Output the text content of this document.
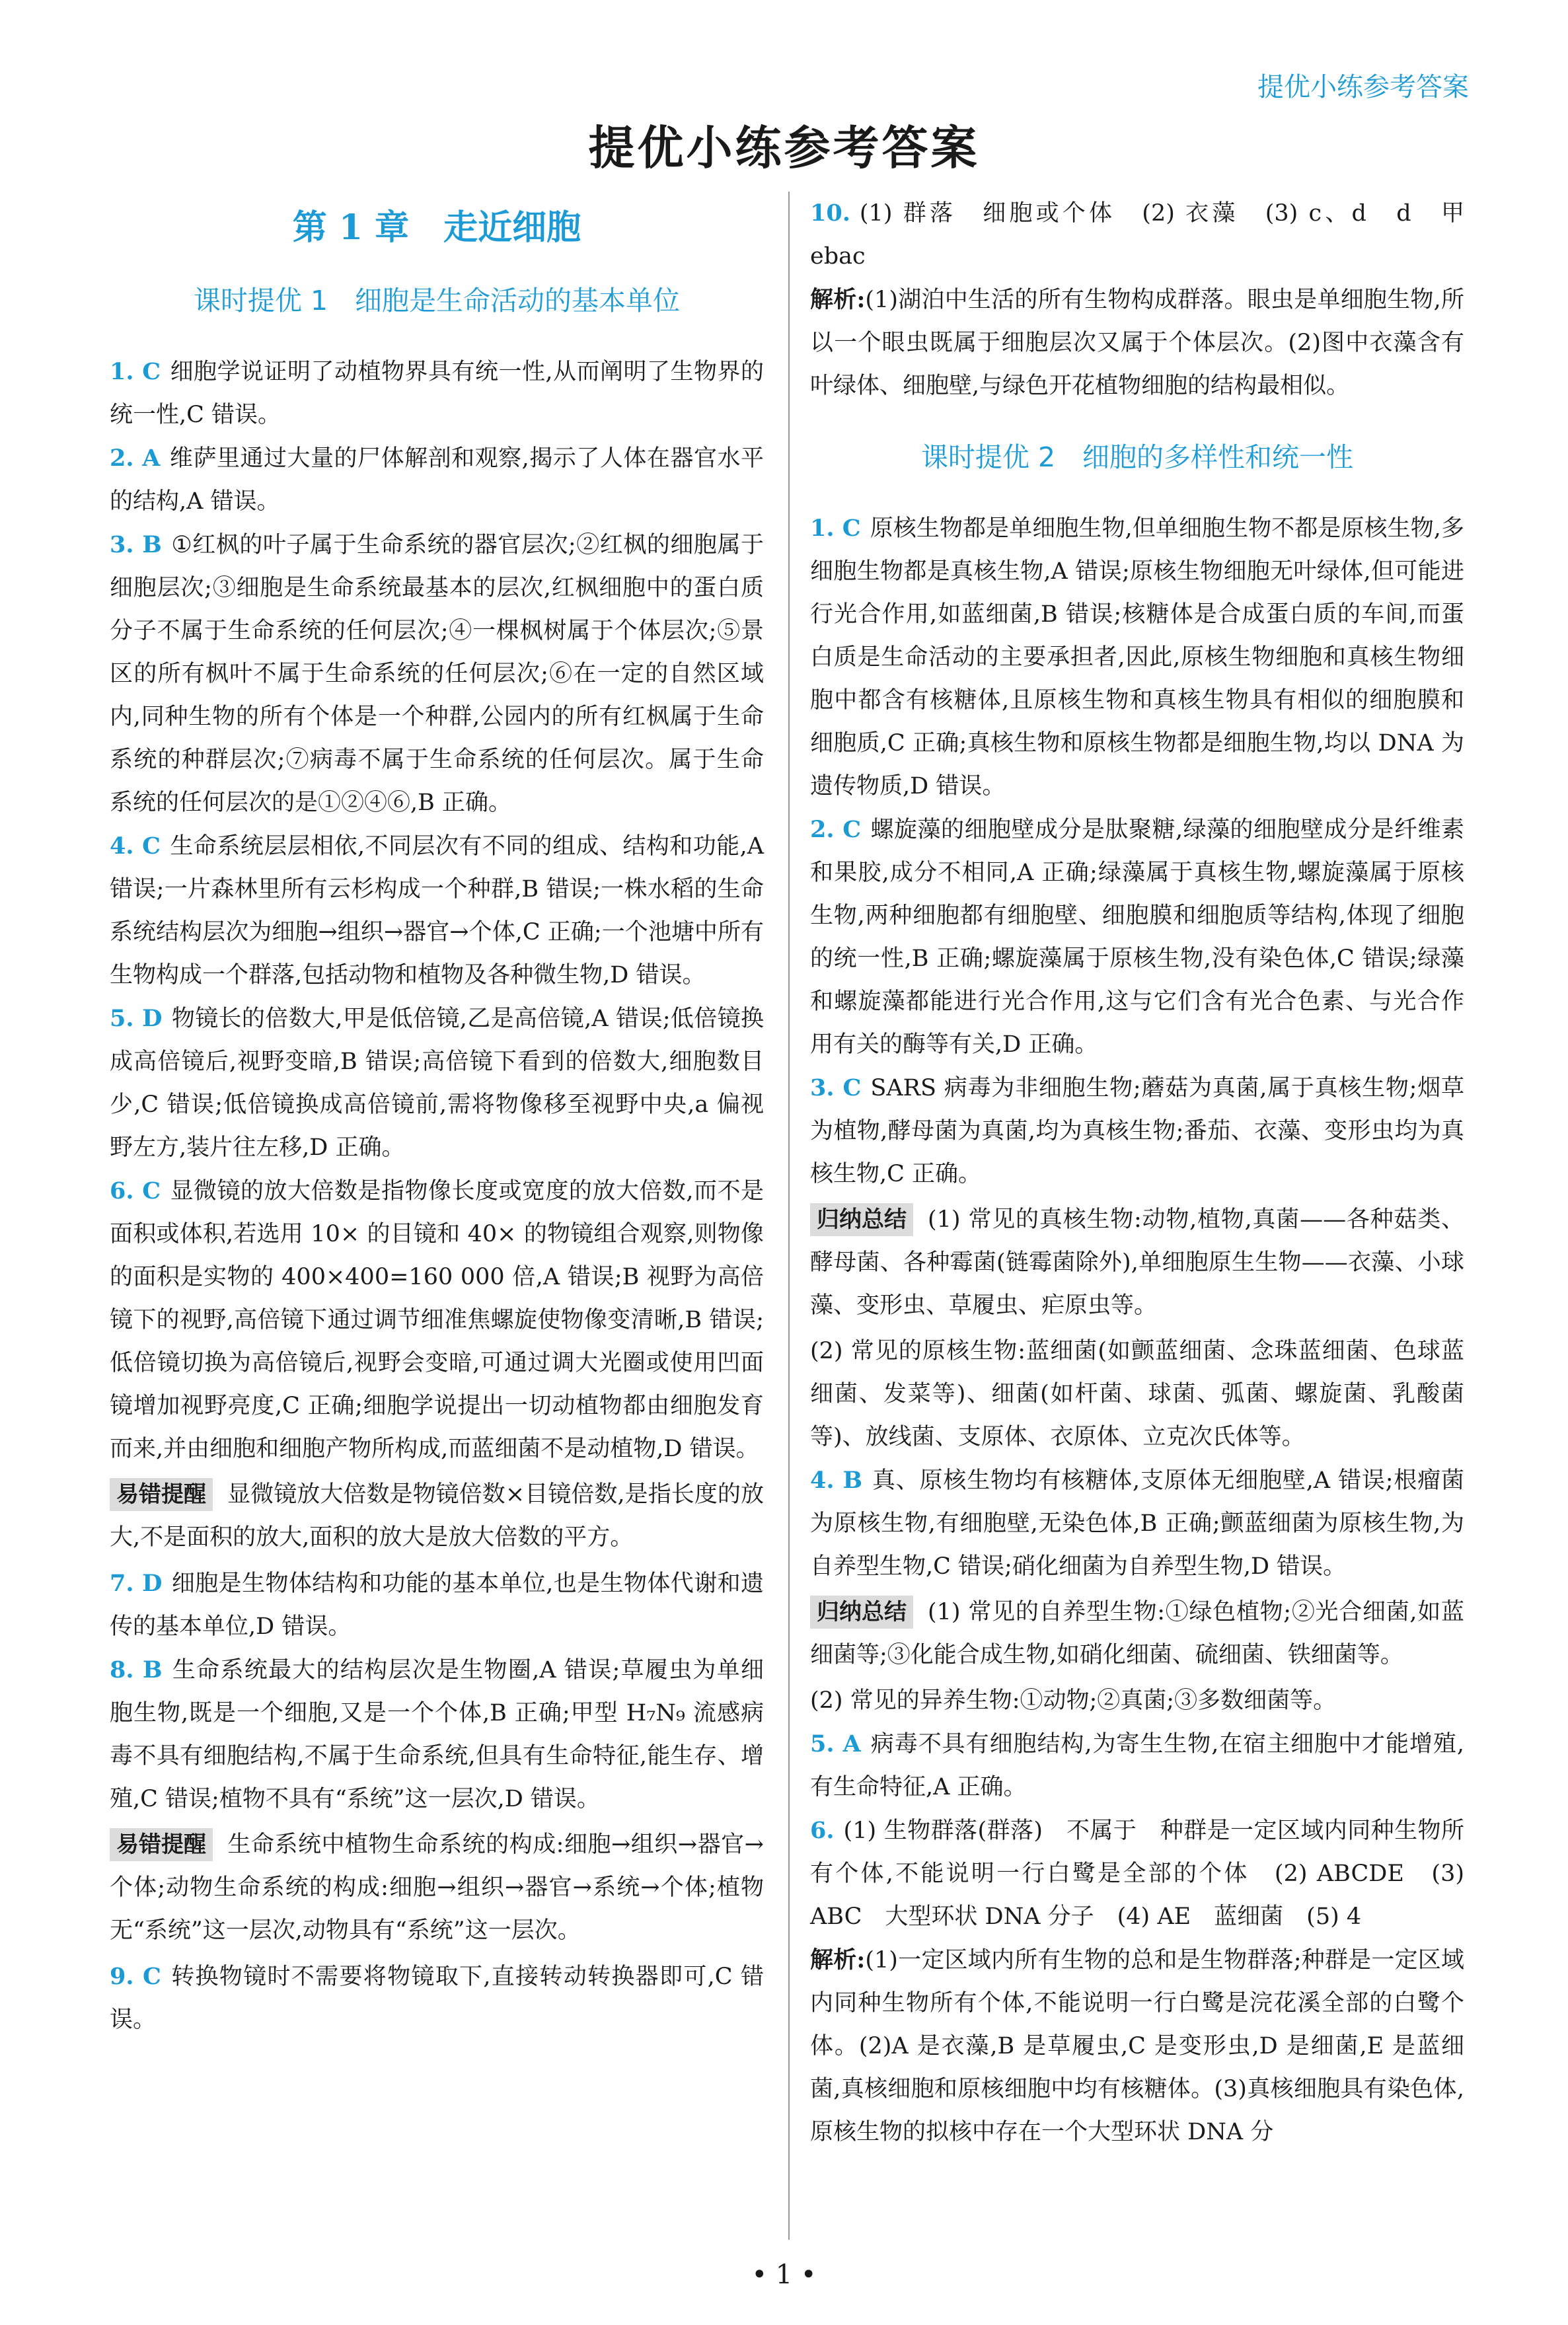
提优小练参考答案
提优小练参考答案
第 1 章　走近细胞
课时提优 1　细胞是生命活动的基本单位

1. C 细胞学说证明了动植物界具有统一性,从而阐明了生物界的统一性,C 错误。

2. A 维萨里通过大量的尸体解剖和观察,揭示了人体在器官水平的结构,A 错误。

3. B ①红枫的叶子属于生命系统的器官层次;②红枫的细胞属于细胞层次;③细胞是生命系统最基本的层次,红枫细胞中的蛋白质分子不属于生命系统的任何层次;④一棵枫树属于个体层次;⑤景区的所有枫叶不属于生命系统的任何层次;⑥在一定的自然区域内,同种生物的所有个体是一个种群,公园内的所有红枫属于生命系统的种群层次;⑦病毒不属于生命系统的任何层次。属于生命系统的任何层次的是①②④⑥,B 正确。

4. C 生命系统层层相依,不同层次有不同的组成、结构和功能,A 错误;一片森林里所有云杉构成一个种群,B 错误;一株水稻的生命系统结构层次为细胞→组织→器官→个体,C 正确;一个池塘中所有生物构成一个群落,包括动物和植物及各种微生物,D 错误。

5. D 物镜长的倍数大,甲是低倍镜,乙是高倍镜,A 错误;低倍镜换成高倍镜后,视野变暗,B 错误;高倍镜下看到的倍数大,细胞数目少,C 错误;低倍镜换成高倍镜前,需将物像移至视野中央,a 偏视野左方,装片往左移,D 正确。

6. C 显微镜的放大倍数是指物像长度或宽度的放大倍数,而不是面积或体积,若选用 10× 的目镜和 40× 的物镜组合观察,则物像的面积是实物的 400×400=160 000 倍,A 错误;B 视野为高倍镜下的视野,高倍镜下通过调节细准焦螺旋使物像变清晰,B 错误;低倍镜切换为高倍镜后,视野会变暗,可通过调大光圈或使用凹面镜增加视野亮度,C 正确;细胞学说提出一切动植物都由细胞发育而来,并由细胞和细胞产物所构成,而蓝细菌不是动植物,D 错误。

易错提醒 显微镜放大倍数是物镜倍数×目镜倍数,是指长度的放大,不是面积的放大,面积的放大是放大倍数的平方。

7. D 细胞是生物体结构和功能的基本单位,也是生物体代谢和遗传的基本单位,D 错误。

8. B 生命系统最大的结构层次是生物圈,A 错误;草履虫为单细胞生物,既是一个细胞,又是一个个体,B 正确;甲型 H₇N₉ 流感病毒不具有细胞结构,不属于生命系统,但具有生命特征,能生存、增殖,C 错误;植物不具有“系统”这一层次,D 错误。

易错提醒 生命系统中植物生命系统的构成:细胞→组织→器官→个体;动物生命系统的构成:细胞→组织→器官→系统→个体;植物无“系统”这一层次,动物具有“系统”这一层次。

9. C 转换物镜时不需要将物镜取下,直接转动转换器即可,C 错误。

10. (1) 群落　细胞或个体　(2) 衣藻　(3) c、d　d　甲　ebac

解析:(1)湖泊中生活的所有生物构成群落。眼虫是单细胞生物,所以一个眼虫既属于细胞层次又属于个体层次。(2)图中衣藻含有叶绿体、细胞壁,与绿色开花植物细胞的结构最相似。

课时提优 2　细胞的多样性和统一性

1. C 原核生物都是单细胞生物,但单细胞生物不都是原核生物,多细胞生物都是真核生物,A 错误;原核生物细胞无叶绿体,但可能进行光合作用,如蓝细菌,B 错误;核糖体是合成蛋白质的车间,而蛋白质是生命活动的主要承担者,因此,原核生物细胞和真核生物细胞中都含有核糖体,且原核生物和真核生物具有相似的细胞膜和细胞质,C 正确;真核生物和原核生物都是细胞生物,均以 DNA 为遗传物质,D 错误。

2. C 螺旋藻的细胞壁成分是肽聚糖,绿藻的细胞壁成分是纤维素和果胶,成分不相同,A 正确;绿藻属于真核生物,螺旋藻属于原核生物,两种细胞都有细胞壁、细胞膜和细胞质等结构,体现了细胞的统一性,B 正确;螺旋藻属于原核生物,没有染色体,C 错误;绿藻和螺旋藻都能进行光合作用,这与它们含有光合色素、与光合作用有关的酶等有关,D 正确。

3. C SARS 病毒为非细胞生物;蘑菇为真菌,属于真核生物;烟草为植物,酵母菌为真菌,均为真核生物;番茄、衣藻、变形虫均为真核生物,C 正确。

归纳总结 (1) 常见的真核生物:动物,植物,真菌——各种菇类、酵母菌、各种霉菌(链霉菌除外),单细胞原生生物——衣藻、小球藻、变形虫、草履虫、疟原虫等。

(2) 常见的原核生物:蓝细菌(如颤蓝细菌、念珠蓝细菌、色球蓝细菌、发菜等)、细菌(如杆菌、球菌、弧菌、螺旋菌、乳酸菌等)、放线菌、支原体、衣原体、立克次氏体等。

4. B 真、原核生物均有核糖体,支原体无细胞壁,A 错误;根瘤菌为原核生物,有细胞壁,无染色体,B 正确;颤蓝细菌为原核生物,为自养型生物,C 错误;硝化细菌为自养型生物,D 错误。

归纳总结 (1) 常见的自养型生物:①绿色植物;②光合细菌,如蓝细菌等;③化能合成生物,如硝化细菌、硫细菌、铁细菌等。

(2) 常见的异养生物:①动物;②真菌;③多数细菌等。

5. A 病毒不具有细胞结构,为寄生生物,在宿主细胞中才能增殖,有生命特征,A 正确。

6. (1) 生物群落(群落)　不属于　种群是一定区域内同种生物所有个体,不能说明一行白鹭是全部的个体　(2) ABCDE　(3) ABC　大型环状 DNA 分子　(4) AE　蓝细菌　(5) 4

解析:(1)一定区域内所有生物的总和是生物群落;种群是一定区域内同种生物所有个体,不能说明一行白鹭是浣花溪全部的白鹭个体。(2)A 是衣藻,B 是草履虫,C 是变形虫,D 是细菌,E 是蓝细菌,真核细胞和原核细胞中均有核糖体。(3)真核细胞具有染色体,原核生物的拟核中存在一个大型环状 DNA 分

• 1 •
